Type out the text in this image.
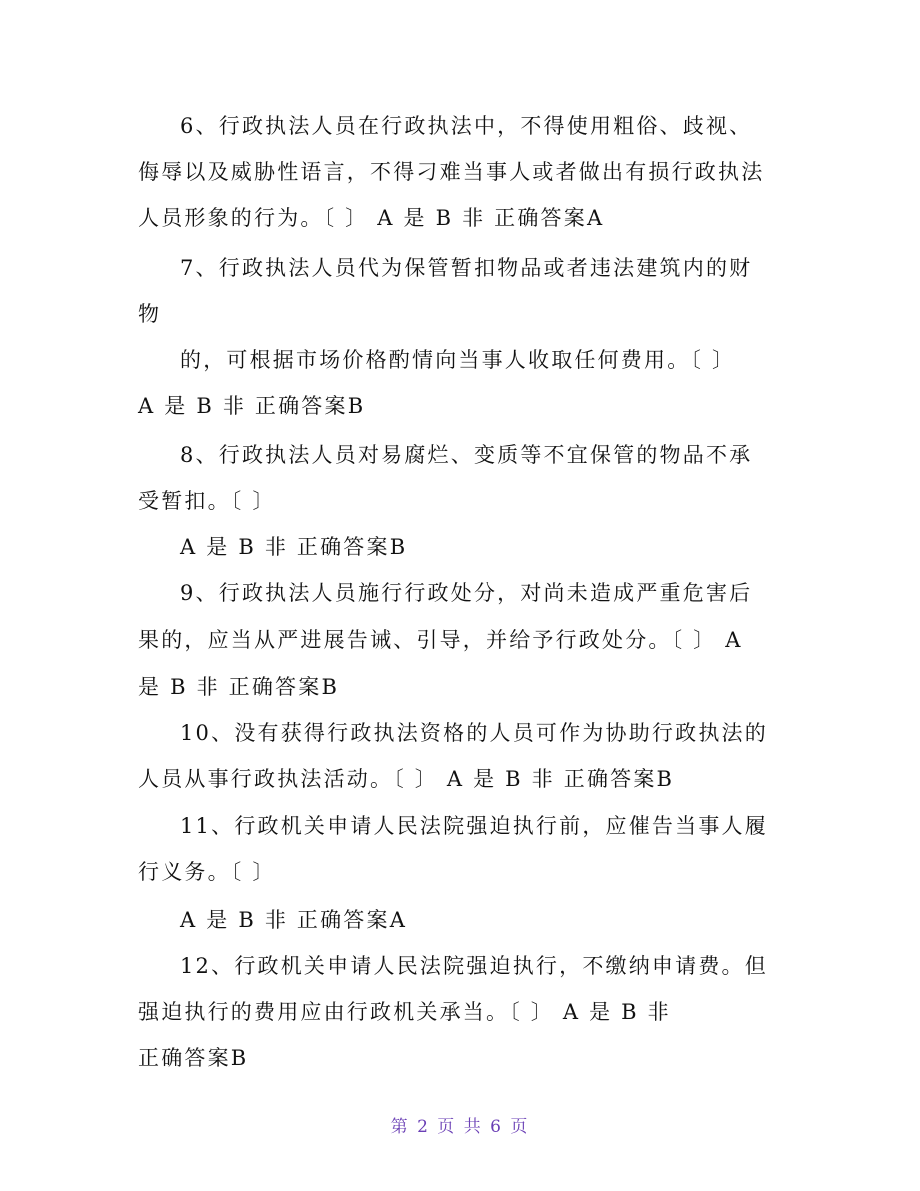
6、行政执法人员在行政执法中，不得使用粗俗、歧视、
侮辱以及威胁性语言，不得刁难当事人或者做出有损行政执法
人员形象的行为。〔 〕 A 是 B 非 正确答案A
7、行政执法人员代为保管暂扣物品或者违法建筑内的财
物
的，可根据市场价格酌情向当事人收取任何费用。〔 〕
A 是 B 非 正确答案B
8、行政执法人员对易腐烂、变质等不宜保管的物品不承
受暂扣。〔 〕
A 是 B 非 正确答案B
9、行政执法人员施行行政处分，对尚未造成严重危害后
果的，应当从严进展告诫、引导，并给予行政处分。〔 〕 A
是 B 非 正确答案B
10、没有获得行政执法资格的人员可作为协助行政执法的
人员从事行政执法活动。〔 〕 A 是 B 非 正确答案B
11、行政机关申请人民法院强迫执行前，应催告当事人履
行义务。〔 〕
A 是 B 非 正确答案A
12、行政机关申请人民法院强迫执行，不缴纳申请费。但
强迫执行的费用应由行政机关承当。〔 〕 A 是 B 非
正确答案B
第 2 页 共 6 页
